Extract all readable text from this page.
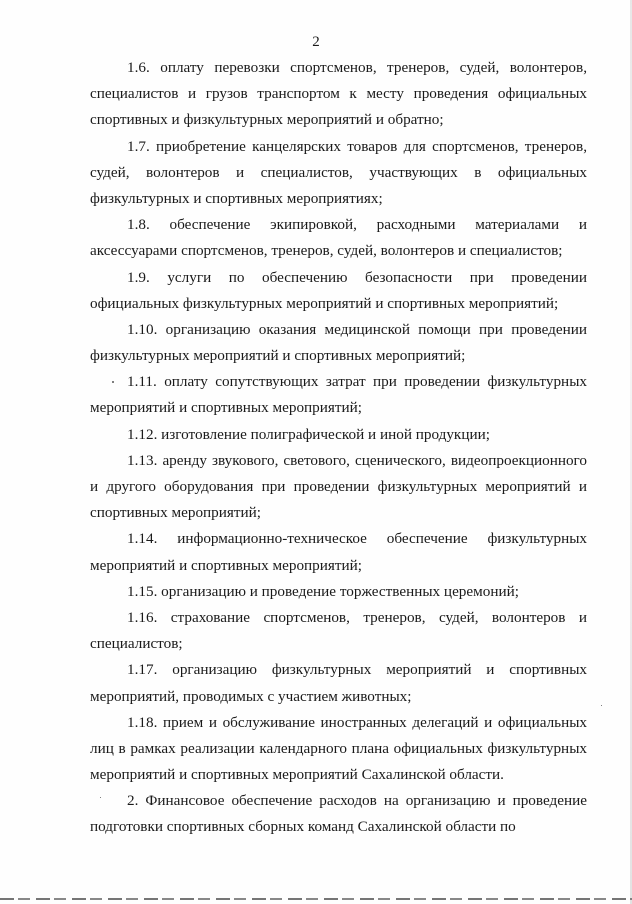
2
1.6. оплату перевозки спортсменов, тренеров, судей, волонтеров,
специалистов и грузов транспортом к месту проведения официальных
спортивных и физкультурных мероприятий и обратно;
1.7. приобретение канцелярских товаров для спортсменов, тренеров,
судей, волонтеров и специалистов, участвующих в официальных
физкультурных и спортивных мероприятиях;
1.8. обеспечение экипировкой, расходными материалами и
аксессуарами спортсменов, тренеров, судей, волонтеров и специалистов;
1.9. услуги по обеспечению безопасности при проведении
официальных физкультурных мероприятий и спортивных мероприятий;
1.10. организацию оказания медицинской помощи при проведении
физкультурных мероприятий и спортивных мероприятий;
1.11. оплату сопутствующих затрат при проведении физкультурных
мероприятий и спортивных мероприятий;
1.12. изготовление полиграфической и иной продукции;
1.13. аренду звукового, светового, сценического, видеопроекционного
и другого оборудования при проведении физкультурных мероприятий и
спортивных мероприятий;
1.14. информационно-техническое обеспечение физкультурных
мероприятий и спортивных мероприятий;
1.15. организацию и проведение торжественных церемоний;
1.16. страхование спортсменов, тренеров, судей, волонтеров и
специалистов;
1.17. организацию физкультурных мероприятий и спортивных
мероприятий, проводимых с участием животных;
1.18. прием и обслуживание иностранных делегаций и официальных
лиц в рамках реализации календарного плана официальных физкультурных
мероприятий и спортивных мероприятий Сахалинской области.
2. Финансовое обеспечение расходов на организацию и проведение
подготовки спортивных сборных команд Сахалинской области по
